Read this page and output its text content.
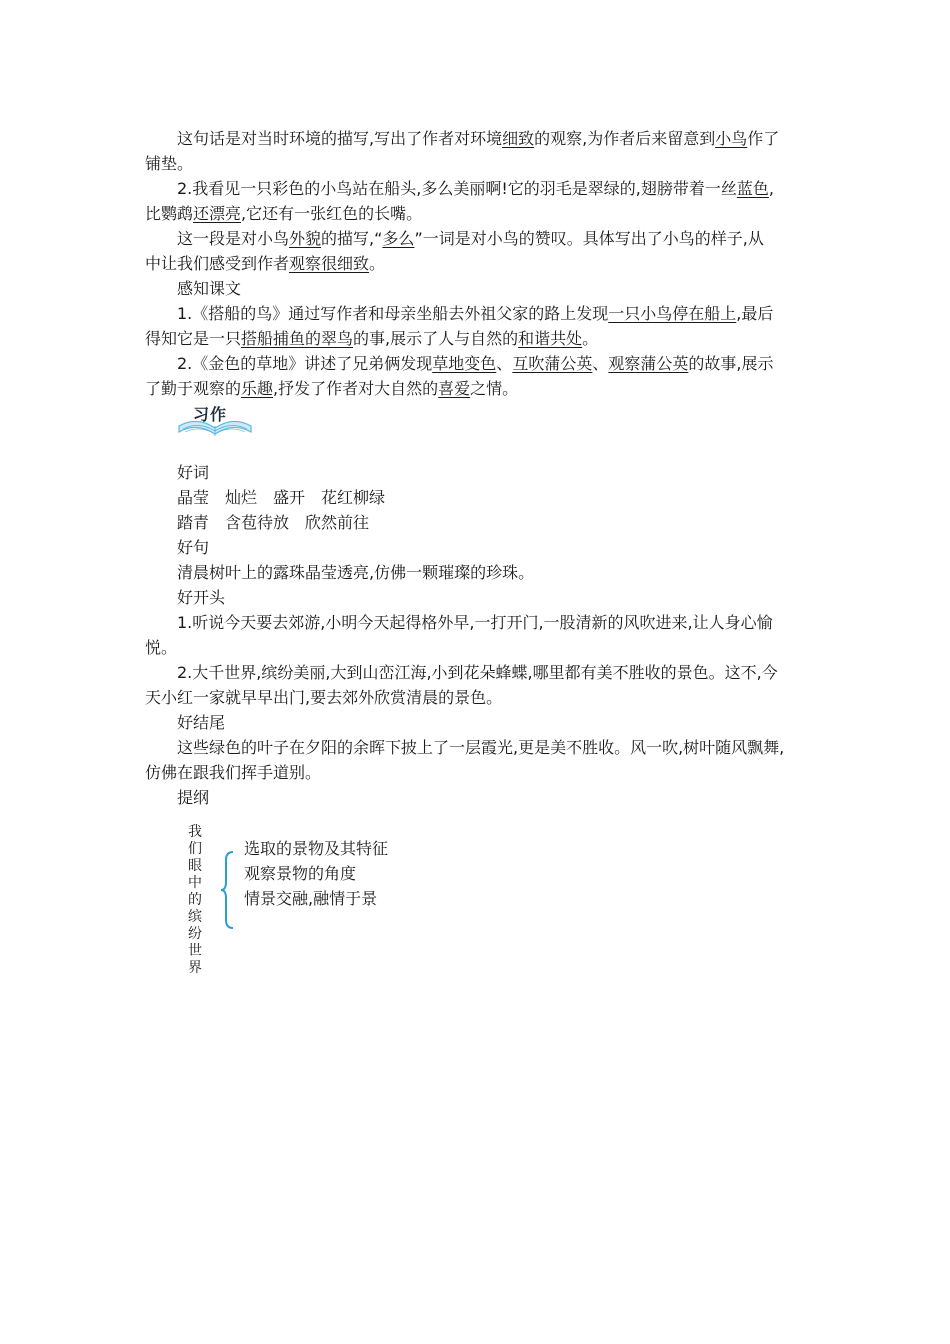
这句话是对当时环境的描写,写出了作者对环境细致的观察,为作者后来留意到小鸟作了
铺垫。
2.我看见一只彩色的小鸟站在船头,多么美丽啊!它的羽毛是翠绿的,翅膀带着一丝蓝色,
比鹦鹉还漂亮,它还有一张红色的长嘴。
这一段是对小鸟外貌的描写,“多么”一词是对小鸟的赞叹。具体写出了小鸟的样子,从
中让我们感受到作者观察很细致。
感知课文
1.《搭船的鸟》通过写作者和母亲坐船去外祖父家的路上发现一只小鸟停在船上,最后
得知它是一只搭船捕鱼的翠鸟的事,展示了人与自然的和谐共处。
2.《金色的草地》讲述了兄弟俩发现草地变色、互吹蒲公英、观察蒲公英的故事,展示
了勤于观察的乐趣,抒发了作者对大自然的喜爱之情。
习作
好词
晶莹　灿烂　盛开　花红柳绿
踏青　含苞待放　欣然前往
好句
清晨树叶上的露珠晶莹透亮,仿佛一颗璀璨的珍珠。
好开头
1.听说今天要去郊游,小明今天起得格外早,一打开门,一股清新的风吹进来,让人身心愉
悦。
2.大千世界,缤纷美丽,大到山峦江海,小到花朵蜂蝶,哪里都有美不胜收的景色。这不,今
天小红一家就早早出门,要去郊外欣赏清晨的景色。
好结尾
这些绿色的叶子在夕阳的余晖下披上了一层霞光,更是美不胜收。风一吹,树叶随风飘舞,
仿佛在跟我们挥手道别。
提纲
我
们
眼
中
的
缤
纷
世
界
选取的景物及其特征
观察景物的角度
情景交融,融情于景
